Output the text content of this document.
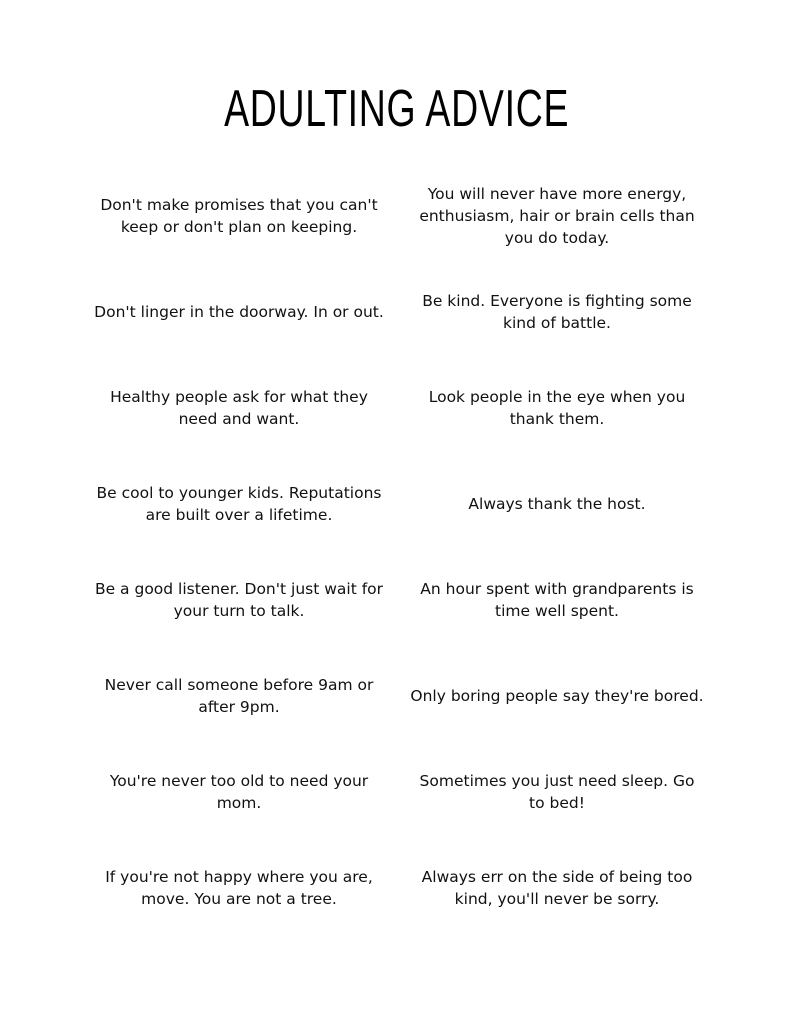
ADULTING ADVICE
Don't make promises that you can't keep or don't plan on keeping.
You will never have more energy, enthusiasm, hair or brain cells than you do today.
Don't linger in the doorway. In or out.
Be kind. Everyone is fighting some kind of battle.
Healthy people ask for what they need and want.
Look people in the eye when you thank them.
Be cool to younger kids. Reputations are built over a lifetime.
Always thank the host.
Be a good listener. Don't just wait for your turn to talk.
An hour spent with grandparents is time well spent.
Never call someone before 9am or after 9pm.
Only boring people say they're bored.
You're never too old to need your mom.
Sometimes you just need sleep. Go to bed!
If you're not happy where you are, move. You are not a tree.
Always err on the side of being too kind, you'll never be sorry.
